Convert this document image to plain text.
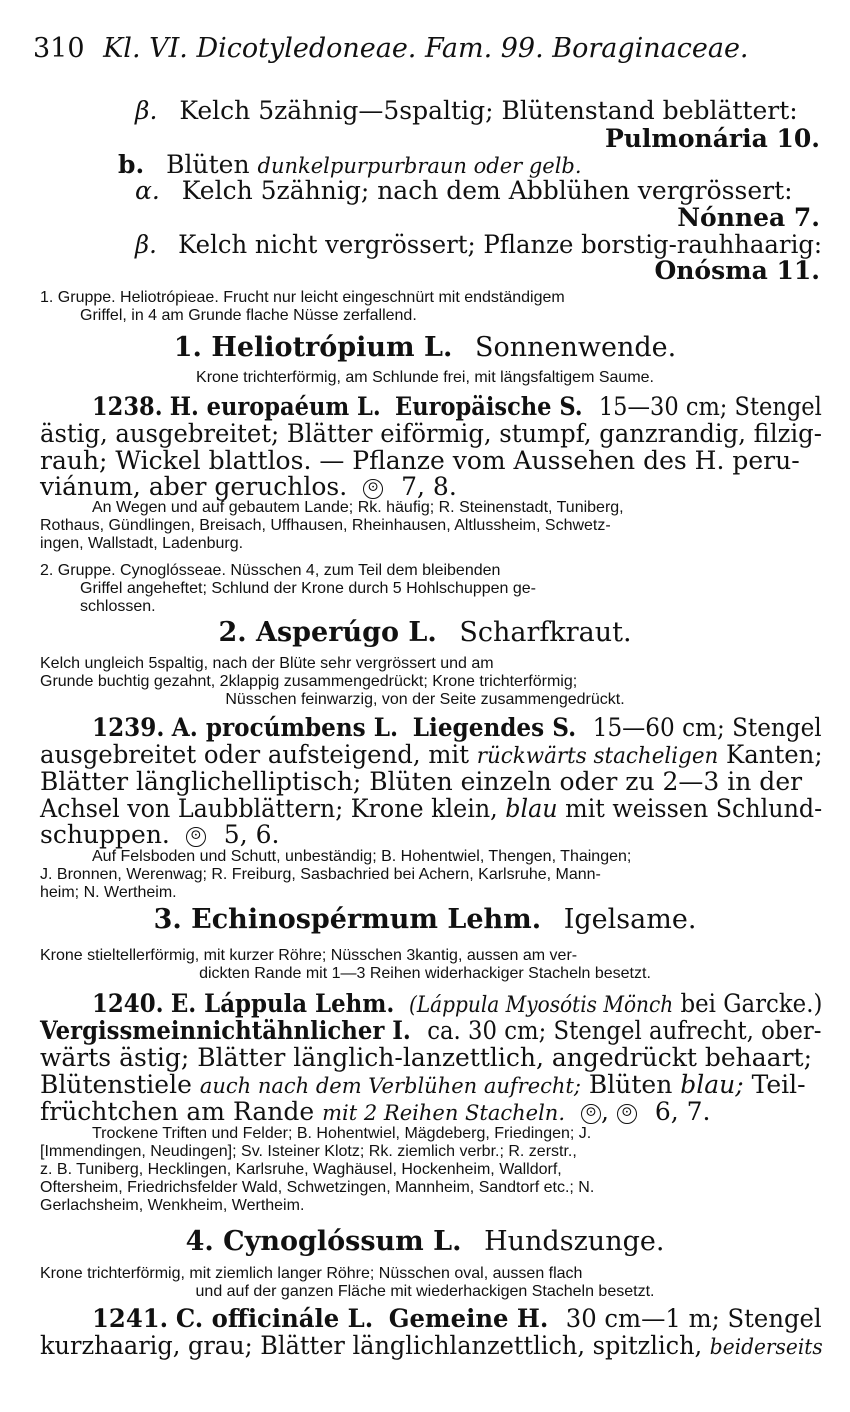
310 Kl. VI. Dicotyledoneae. Fam. 99. Boraginaceae.
β. Kelch 5zähnig—5spaltig; Blütenstand beblättert:
Pulmonária 10.
b. Blüten dunkelpurpurbraun oder gelb.
α. Kelch 5zähnig; nach dem Abblühen vergrössert:
Nónnea 7.
β. Kelch nicht vergrössert; Pflanze borstig-rauhhaarig:
Onósma 11.
1. Gruppe. Heliotrópieae. Frucht nur leicht eingeschnürt mit endständigem
Griffel, in 4 am Grunde flache Nüsse zerfallend.
1. Heliotrópium L. Sonnenwende.
Krone trichterförmig, am Schlunde frei, mit längsfaltigem Saume.
1238. H. europaéum L. Europäische S. 15—30 cm; Stengel
ästig, ausgebreitet; Blätter eiförmig, stumpf, ganzrandig, filzig-
rauh; Wickel blattlos. — Pflanze vom Aussehen des H. peru-
viánum, aber geruchlos. ⊙ 7, 8.
An Wegen und auf gebautem Lande; Rk. häufig; R. Steinenstadt, Tuniberg,
Rothaus, Gündlingen, Breisach, Uffhausen, Rheinhausen, Altlussheim, Schwetz-
ingen, Wallstadt, Ladenburg.
2. Gruppe. Cynoglósseae. Nüsschen 4, zum Teil dem bleibenden
Griffel angeheftet; Schlund der Krone durch 5 Hohlschuppen ge-
schlossen.
2. Asperúgo L. Scharfkraut.
Kelch ungleich 5spaltig, nach der Blüte sehr vergrössert und am
Grunde buchtig gezahnt, 2klappig zusammengedrückt; Krone trichterförmig;
Nüsschen feinwarzig, von der Seite zusammengedrückt.
1239. A. procúmbens L. Liegendes S. 15—60 cm; Stengel
ausgebreitet oder aufsteigend, mit rückwärts stacheligen Kanten;
Blätter länglichelliptisch; Blüten einzeln oder zu 2—3 in der
Achsel von Laubblättern; Krone klein, blau mit weissen Schlund-
schuppen. ⊙ 5, 6.
Auf Felsboden und Schutt, unbeständig; B. Hohentwiel, Thengen, Thaingen;
J. Bronnen, Werenwag; R. Freiburg, Sasbachried bei Achern, Karlsruhe, Mann-
heim; N. Wertheim.
3. Echinospérmum Lehm. Igelsame.
Krone stieltellerförmig, mit kurzer Röhre; Nüsschen 3kantig, aussen am ver-
dickten Rande mit 1—3 Reihen widerhackiger Stacheln besetzt.
1240. E. Láppula Lehm. (Láppula Myosótis Mönch bei Garcke.)
Vergissmeinnichtähnlicher I. ca. 30 cm; Stengel aufrecht, ober-
wärts ästig; Blätter länglich-lanzettlich, angedrückt behaart;
Blütenstiele auch nach dem Verblühen aufrecht; Blüten blau; Teil-
früchtchen am Rande mit 2 Reihen Stacheln. ⊙ , ⊙ 6, 7.
Trockene Triften und Felder; B. Hohentwiel, Mägdeberg, Friedingen; J.
[Immendingen, Neudingen]; Sv. Isteiner Klotz; Rk. ziemlich verbr.; R. zerstr.,
z. B. Tuniberg, Hecklingen, Karlsruhe, Waghäusel, Hockenheim, Walldorf,
Oftersheim, Friedrichsfelder Wald, Schwetzingen, Mannheim, Sandtorf etc.; N.
Gerlachsheim, Wenkheim, Wertheim.
4. Cynoglóssum L. Hundszunge.
Krone trichterförmig, mit ziemlich langer Röhre; Nüsschen oval, aussen flach
und auf der ganzen Fläche mit wiederhackigen Stacheln besetzt.
1241. C. officinále L. Gemeine H. 30 cm—1 m; Stengel
kurzhaarig, grau; Blätter länglichlanzettlich, spitzlich, beiderseits
